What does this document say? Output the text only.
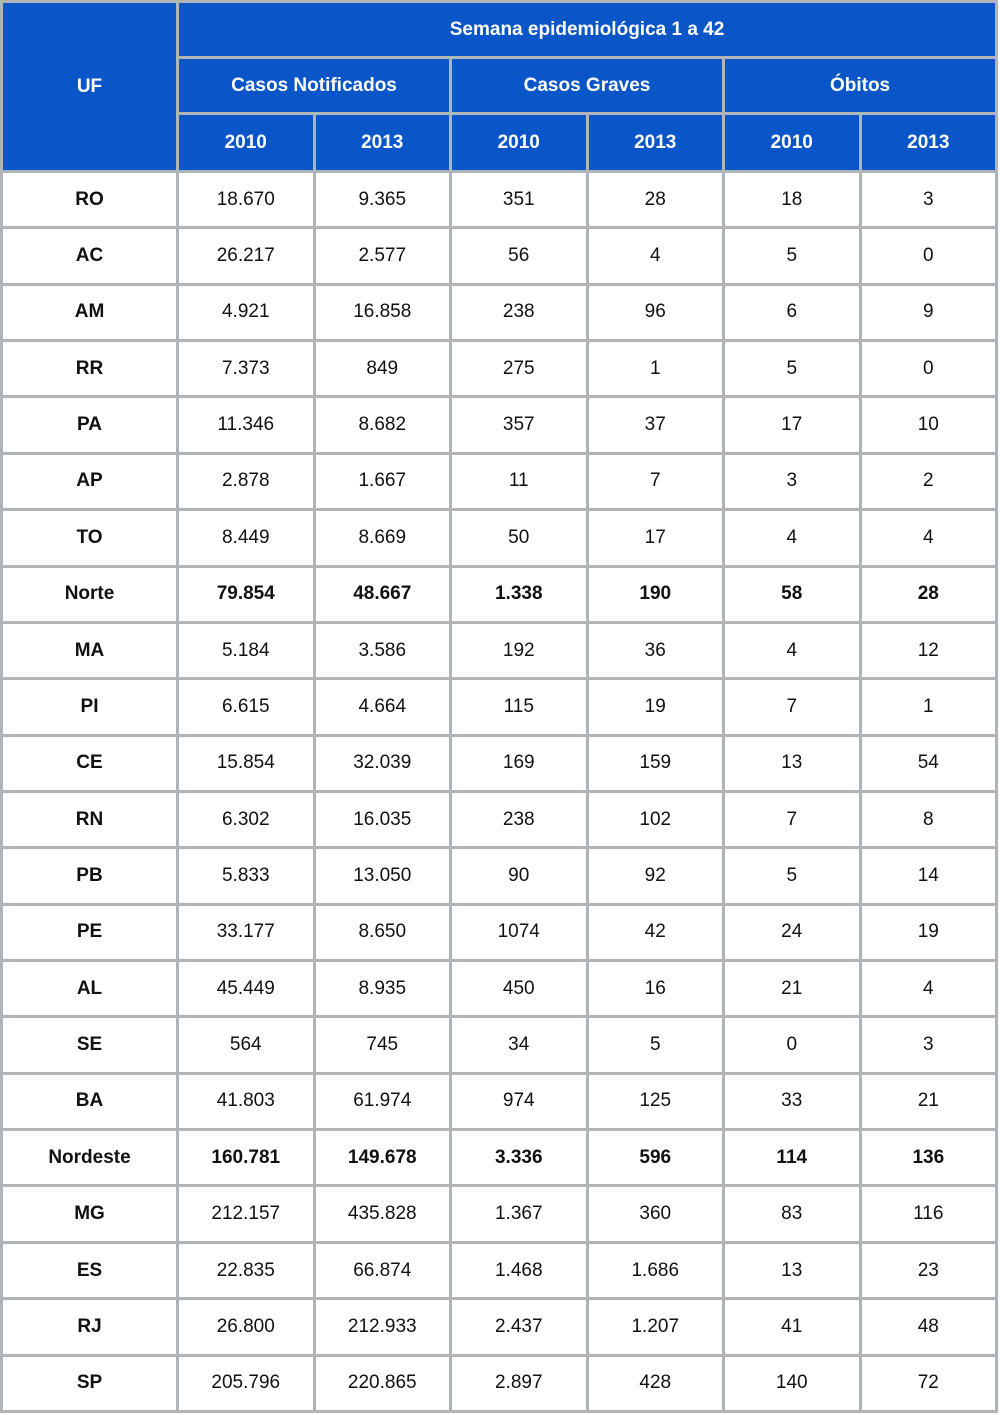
UF	Semana epidemiológica 1 a 42					
	Casos Notificados		Casos Graves		Óbitos	
	2010	2013	2010	2013	2010	2013
RO	18.670	9.365	351	28	18	3
AC	26.217	2.577	56	4	5	0
AM	4.921	16.858	238	96	6	9
RR	7.373	849	275	1	5	0
PA	11.346	8.682	357	37	17	10
AP	2.878	1.667	11	7	3	2
TO	8.449	8.669	50	17	4	4
Norte	79.854	48.667	1.338	190	58	28
MA	5.184	3.586	192	36	4	12
PI	6.615	4.664	115	19	7	1
CE	15.854	32.039	169	159	13	54
RN	6.302	16.035	238	102	7	8
PB	5.833	13.050	90	92	5	14
PE	33.177	8.650	1074	42	24	19
AL	45.449	8.935	450	16	21	4
SE	564	745	34	5	0	3
BA	41.803	61.974	974	125	33	21
Nordeste	160.781	149.678	3.336	596	114	136
MG	212.157	435.828	1.367	360	83	116
ES	22.835	66.874	1.468	1.686	13	23
RJ	26.800	212.933	2.437	1.207	41	48
SP	205.796	220.865	2.897	428	140	72
